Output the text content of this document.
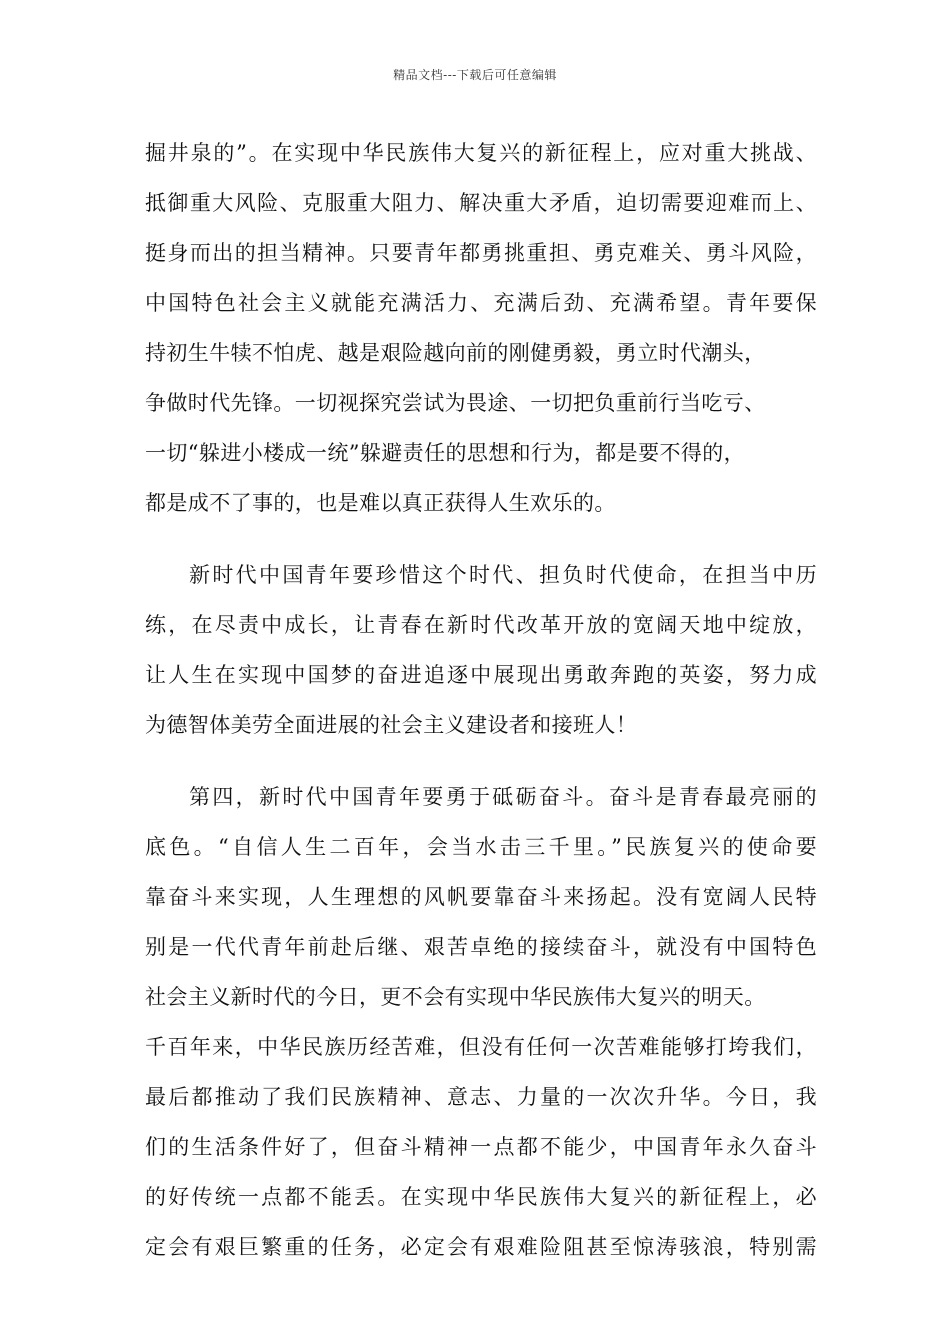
精品文档---下载后可任意编辑
掘井泉的”。在实现中华民族伟大复兴的新征程上，应对重大挑战、
抵御重大风险、克服重大阻力、解决重大矛盾，迫切需要迎难而上、
挺身而出的担当精神。只要青年都勇挑重担、勇克难关、勇斗风险，
中国特色社会主义就能充满活力、充满后劲、充满希望。青年要保
持初生牛犊不怕虎、越是艰险越向前的刚健勇毅，勇立时代潮头，
争做时代先锋。一切视探究尝试为畏途、一切把负重前行当吃亏、
一切“躲进小楼成一统”躲避责任的思想和行为，都是要不得的，
都是成不了事的，也是难以真正获得人生欢乐的。
新时代中国青年要珍惜这个时代、担负时代使命，在担当中历
练，在尽责中成长，让青春在新时代改革开放的宽阔天地中绽放，
让人生在实现中国梦的奋进追逐中展现出勇敢奔跑的英姿，努力成
为德智体美劳全面进展的社会主义建设者和接班人！
第四，新时代中国青年要勇于砥砺奋斗。奋斗是青春最亮丽的
底色。“自信人生二百年，会当水击三千里。”民族复兴的使命要
靠奋斗来实现，人生理想的风帆要靠奋斗来扬起。没有宽阔人民特
别是一代代青年前赴后继、艰苦卓绝的接续奋斗，就没有中国特色
社会主义新时代的今日，更不会有实现中华民族伟大复兴的明天。
千百年来，中华民族历经苦难，但没有任何一次苦难能够打垮我们，
最后都推动了我们民族精神、意志、力量的一次次升华。今日，我
们的生活条件好了，但奋斗精神一点都不能少，中国青年永久奋斗
的好传统一点都不能丢。在实现中华民族伟大复兴的新征程上，必
定会有艰巨繁重的任务，必定会有艰难险阻甚至惊涛骇浪，特别需
